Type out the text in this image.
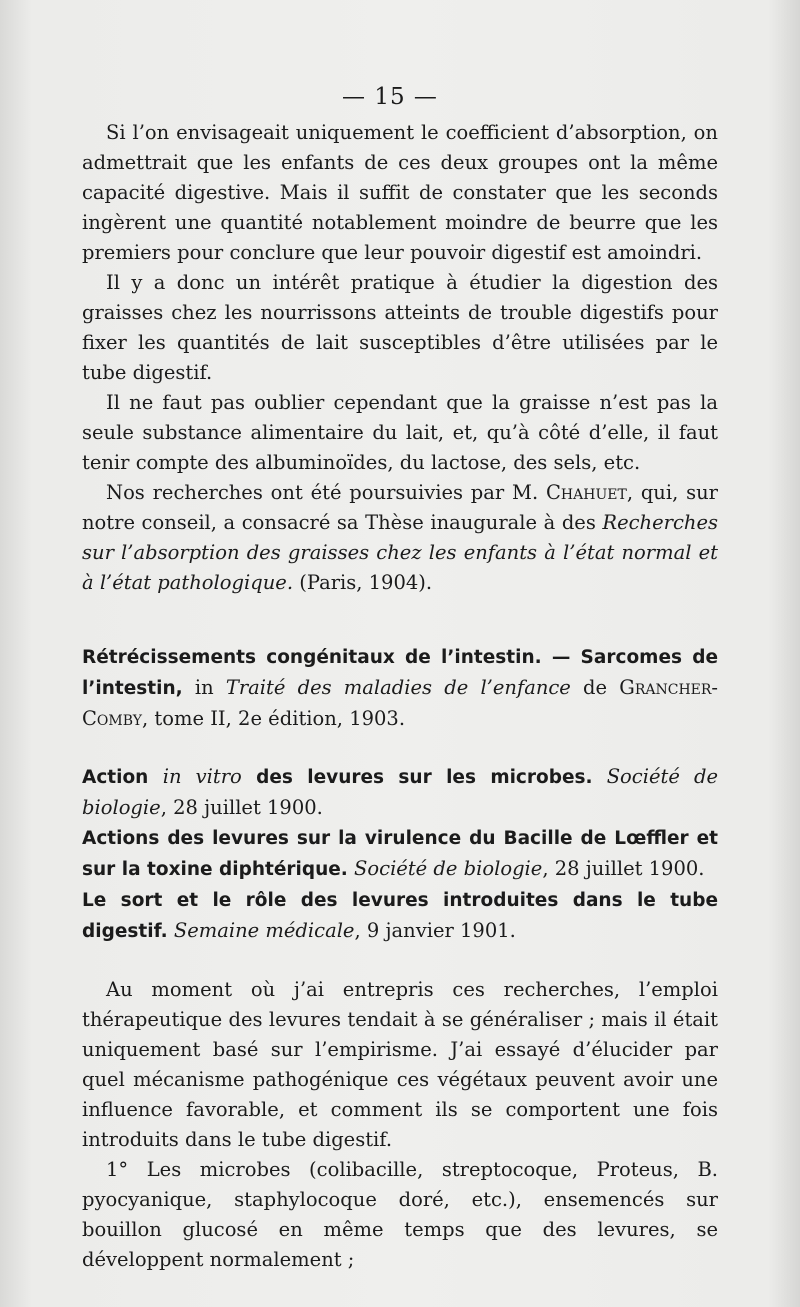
— 15 —

Si l’on envisageait uniquement le coefficient d’absorption, on admettrait que les enfants de ces deux groupes ont la même capacité digestive. Mais il suffit de constater que les seconds ingèrent une quantité notablement moindre de beurre que les premiers pour conclure que leur pouvoir digestif est amoindri.

Il y a donc un intérêt pratique à étudier la digestion des graisses chez les nourrissons atteints de trouble digestifs pour fixer les quantités de lait susceptibles d’être utilisées par le tube digestif.

Il ne faut pas oublier cependant que la graisse n’est pas la seule substance alimentaire du lait, et, qu’à côté d’elle, il faut tenir compte des albuminoïdes, du lactose, des sels, etc.

Nos recherches ont été poursuivies par M. Chahuet, qui, sur notre conseil, a consacré sa Thèse inaugurale à des Recherches sur l’absorption des graisses chez les enfants à l’état normal et à l’état pathologique. (Paris, 1904).

Rétrécissements congénitaux de l’intestin. — Sarcomes de l’intestin, in Traité des maladies de l’enfance de Grancher-Comby, tome II, 2e édition, 1903.

Action in vitro des levures sur les microbes. Société de biologie, 28 juillet 1900.

Actions des levures sur la virulence du Bacille de Lœffler et sur la toxine diphtérique. Société de biologie, 28 juillet 1900.

Le sort et le rôle des levures introduites dans le tube digestif. Semaine médicale, 9 janvier 1901.

Au moment où j’ai entrepris ces recherches, l’emploi thérapeutique des levures tendait à se généraliser ; mais il était uniquement basé sur l’empirisme. J’ai essayé d’élucider par quel mécanisme pathogénique ces végétaux peuvent avoir une influence favorable, et comment ils se comportent une fois introduits dans le tube digestif.

1° Les microbes (colibacille, streptocoque, Proteus, B. pyocyanique, staphylocoque doré, etc.), ensemencés sur bouillon glucosé en même temps que des levures, se développent normalement ;
